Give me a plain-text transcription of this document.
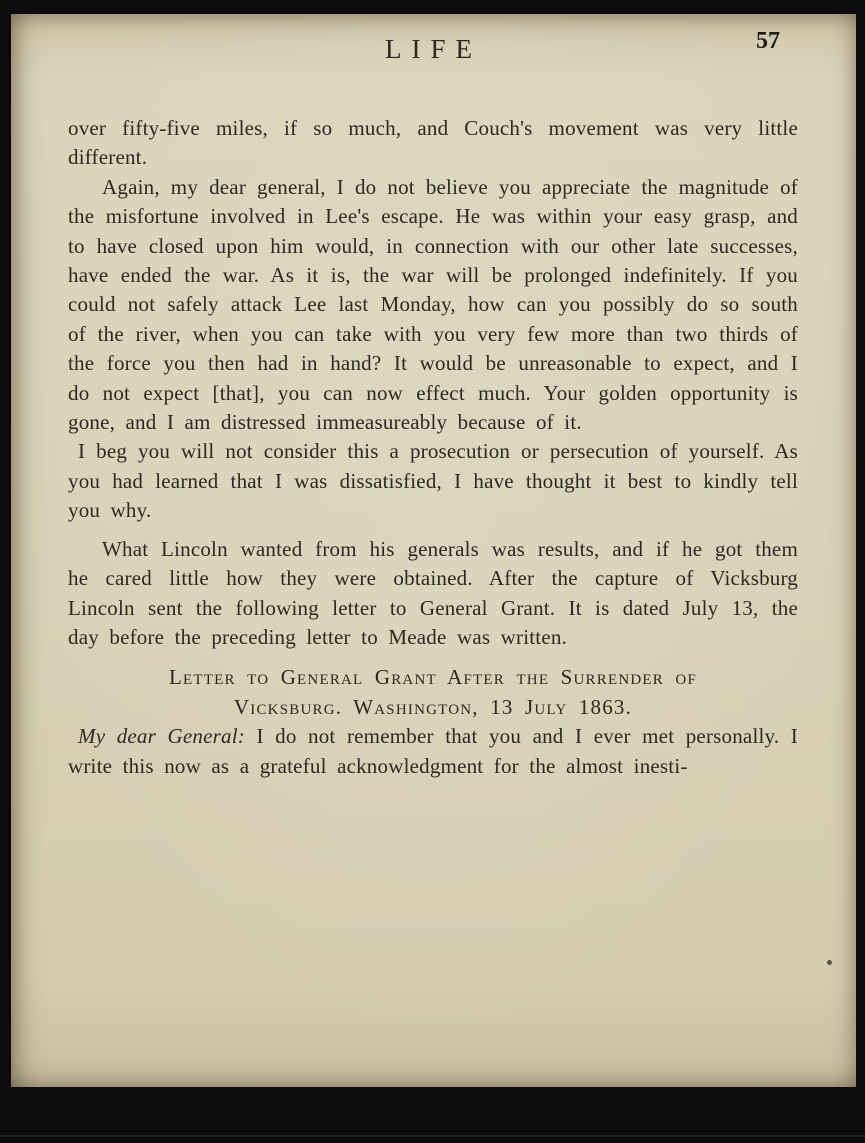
LIFE	57

over fifty-five miles, if so much, and Couch's movement was very little different.

Again, my dear general, I do not believe you appreciate the magnitude of the misfortune involved in Lee's escape. He was within your easy grasp, and to have closed upon him would, in connection with our other late successes, have ended the war. As it is, the war will be prolonged indefinitely. If you could not safely attack Lee last Monday, how can you possibly do so south of the river, when you can take with you very few more than two thirds of the force you then had in hand? It would be unreasonable to expect, and I do not expect [that], you can now effect much. Your golden opportunity is gone, and I am distressed immeasureably because of it.

I beg you will not consider this a prosecution or persecution of yourself. As you had learned that I was dissatisfied, I have thought it best to kindly tell you why.

What Lincoln wanted from his generals was results, and if he got them he cared little how they were obtained. After the capture of Vicksburg Lincoln sent the following letter to General Grant. It is dated July 13, the day before the preceding letter to Meade was written.

Letter to General Grant After the Surrender of
Vicksburg. Washington, 13 July 1863.

My dear General: I do not remember that you and I ever met personally. I write this now as a grateful acknowledgment for the almost inesti-
